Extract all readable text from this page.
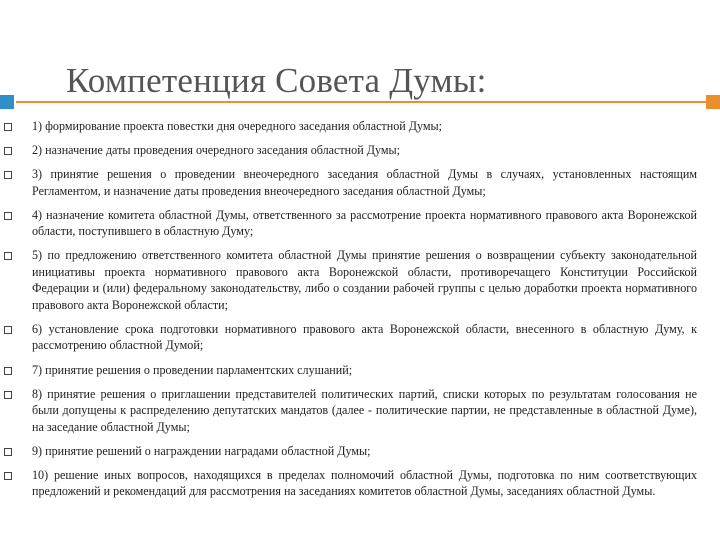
Компетенция Совета Думы:
1) формирование проекта повестки дня очередного заседания областной Думы;
2) назначение даты проведения очередного заседания областной Думы;
3) принятие решения о проведении внеочередного заседания областной Думы в случаях, установленных настоящим Регламентом, и назначение даты проведения внеочередного заседания областной Думы;
4) назначение комитета областной Думы, ответственного за рассмотрение проекта нормативного правового акта Воронежской области, поступившего в областную Думу;
5) по предложению ответственного комитета областной Думы принятие решения о возвращении субъекту законодательной инициативы проекта нормативного правового акта Воронежской области, противоречащего Конституции Российской Федерации и (или) федеральному законодательству, либо о создании рабочей группы с целью доработки проекта нормативного правового акта Воронежской области;
6) установление срока подготовки нормативного правового акта Воронежской области, внесенного в областную Думу, к рассмотрению областной Думой;
7) принятие решения о проведении парламентских слушаний;
8) принятие решения о приглашении представителей политических партий, списки которых по результатам голосования не были допущены к распределению депутатских мандатов (далее - политические партии, не представленные в областной Думе), на заседание областной Думы;
9) принятие решений о награждении наградами областной Думы;
10) решение иных вопросов, находящихся в пределах полномочий областной Думы, подготовка по ним соответствующих предложений и рекомендаций для рассмотрения на заседаниях комитетов областной Думы, заседаниях областной Думы.
